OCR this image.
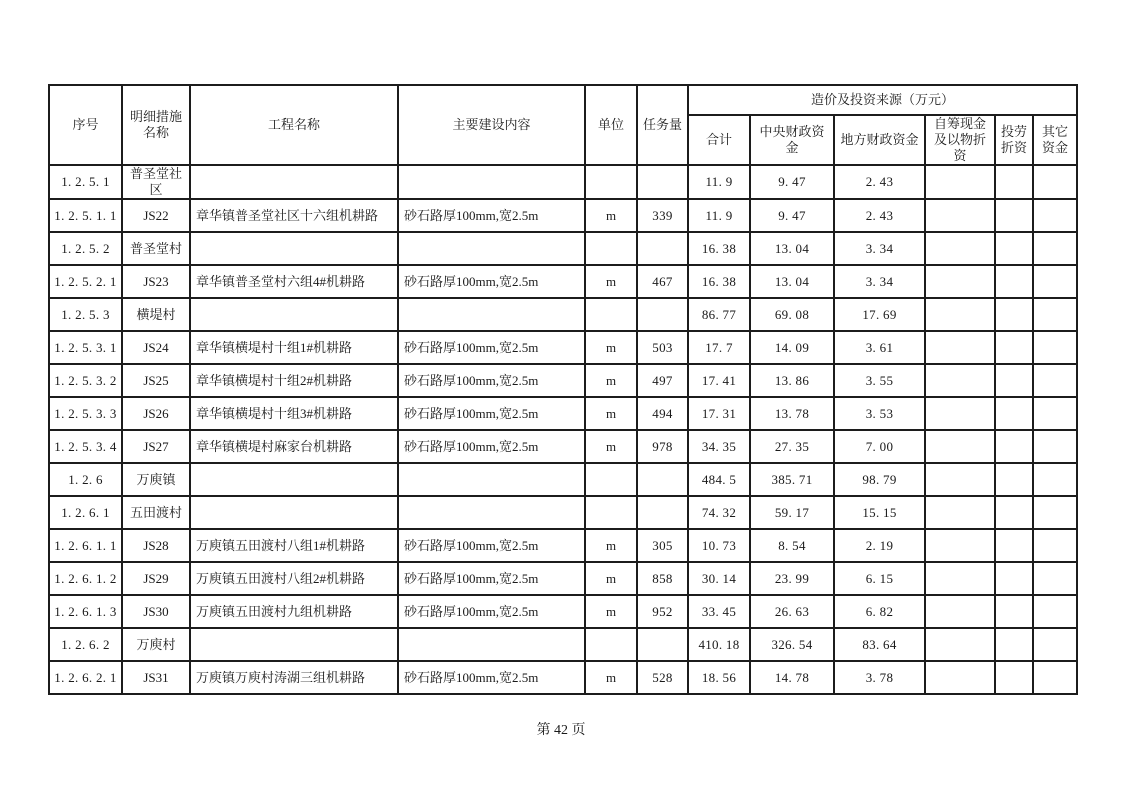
序号	明细措施名称	工程名称	主要建设内容	单位	任务量	造价及投资来源（万元）					
						合计	中央财政资金	地方财政资金	自筹现金及以物折资	投劳折资	其它资金
1. 2. 5. 1	普圣堂社区					11. 9	9. 47	2. 43			
1. 2. 5. 1. 1	JS22	章华镇普圣堂社区十六组机耕路	砂石路厚100mm,宽2.5m	m	339	11. 9	9. 47	2. 43			
1. 2. 5. 2	普圣堂村					16. 38	13. 04	3. 34			
1. 2. 5. 2. 1	JS23	章华镇普圣堂村六组4#机耕路	砂石路厚100mm,宽2.5m	m	467	16. 38	13. 04	3. 34			
1. 2. 5. 3	横堤村					86. 77	69. 08	17. 69			
1. 2. 5. 3. 1	JS24	章华镇横堤村十组1#机耕路	砂石路厚100mm,宽2.5m	m	503	17. 7	14. 09	3. 61			
1. 2. 5. 3. 2	JS25	章华镇横堤村十组2#机耕路	砂石路厚100mm,宽2.5m	m	497	17. 41	13. 86	3. 55			
1. 2. 5. 3. 3	JS26	章华镇横堤村十组3#机耕路	砂石路厚100mm,宽2.5m	m	494	17. 31	13. 78	3. 53			
1. 2. 5. 3. 4	JS27	章华镇横堤村麻家台机耕路	砂石路厚100mm,宽2.5m	m	978	34. 35	27. 35	7. 00			
1. 2. 6	万庾镇					484. 5	385. 71	98. 79			
1. 2. 6. 1	五田渡村					74. 32	59. 17	15. 15			
1. 2. 6. 1. 1	JS28	万庾镇五田渡村八组1#机耕路	砂石路厚100mm,宽2.5m	m	305	10. 73	8. 54	2. 19			
1. 2. 6. 1. 2	JS29	万庾镇五田渡村八组2#机耕路	砂石路厚100mm,宽2.5m	m	858	30. 14	23. 99	6. 15			
1. 2. 6. 1. 3	JS30	万庾镇五田渡村九组机耕路	砂石路厚100mm,宽2.5m	m	952	33. 45	26. 63	6. 82			
1. 2. 6. 2	万庾村					410. 18	326. 54	83. 64			
1. 2. 6. 2. 1	JS31	万庾镇万庾村涛湖三组机耕路	砂石路厚100mm,宽2.5m	m	528	18. 56	14. 78	3. 78			
第 42 页
